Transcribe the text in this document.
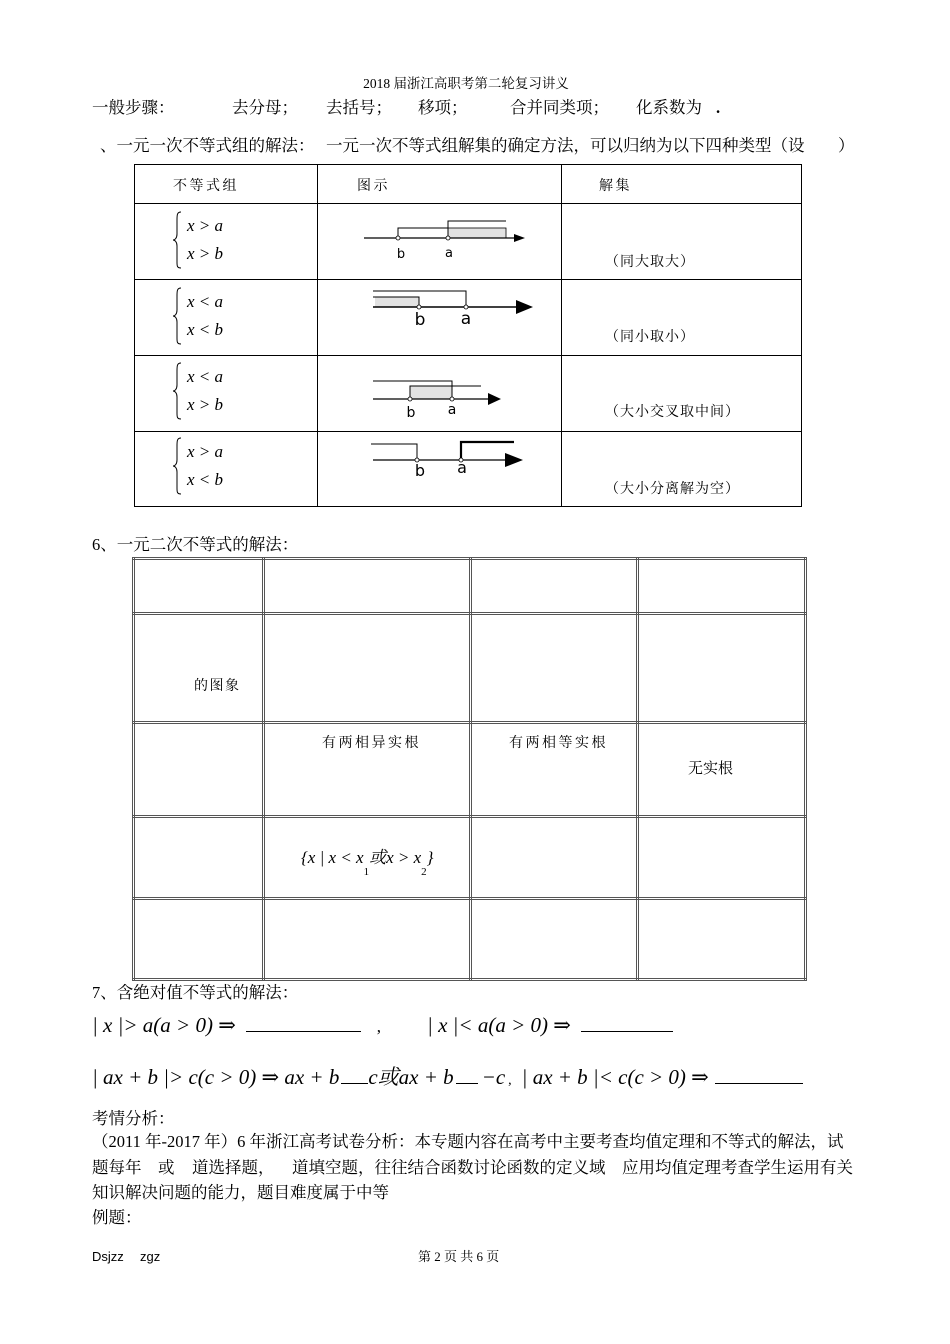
2018 届浙江高职考第二轮复习讲义
一般步骤：	去分母； 去括号； 移项；	合并同类项； 化系数为 .
、一元一次不等式组的解法： 一元一次不等式组解集的确定方法，可以归纳为以下四种类型（设 ）
不等式组	图示	解集

x > a
x > b	b a	（同大取大）

x < a
x < b	b a	（同小取小）

x < a
x > b	b a	（大小交叉取中间）

x > a
x < b	b a	（大小分离解为空）
6、一元二次不等式的解法：

的图象			

	有两相异实根	有两相等实根	无实根

	{x | $x < x_1$或$x > x_2$}		

7、含绝对值不等式的解法：
| x |> a(a > 0) ⇒	, | x |< a(a > 0) ⇒
| ax + b |> c(c > 0) ⇒ ax + b c或ax + b −c , | ax + b |< c(c > 0) ⇒
考情分析：
（2011 年-2017 年）6 年浙江高考试卷分析：本专题内容在高考中主要考查均值定理和不等式的解法，试
题每年 或 道选择题， 道填空题，往往结合函数讨论函数的定义域 应用均值定理考查学生运用有关
知识解决问题的能力，题目难度属于中等
例题：
Dsjzz zgz	第 2 页 共 6 页
